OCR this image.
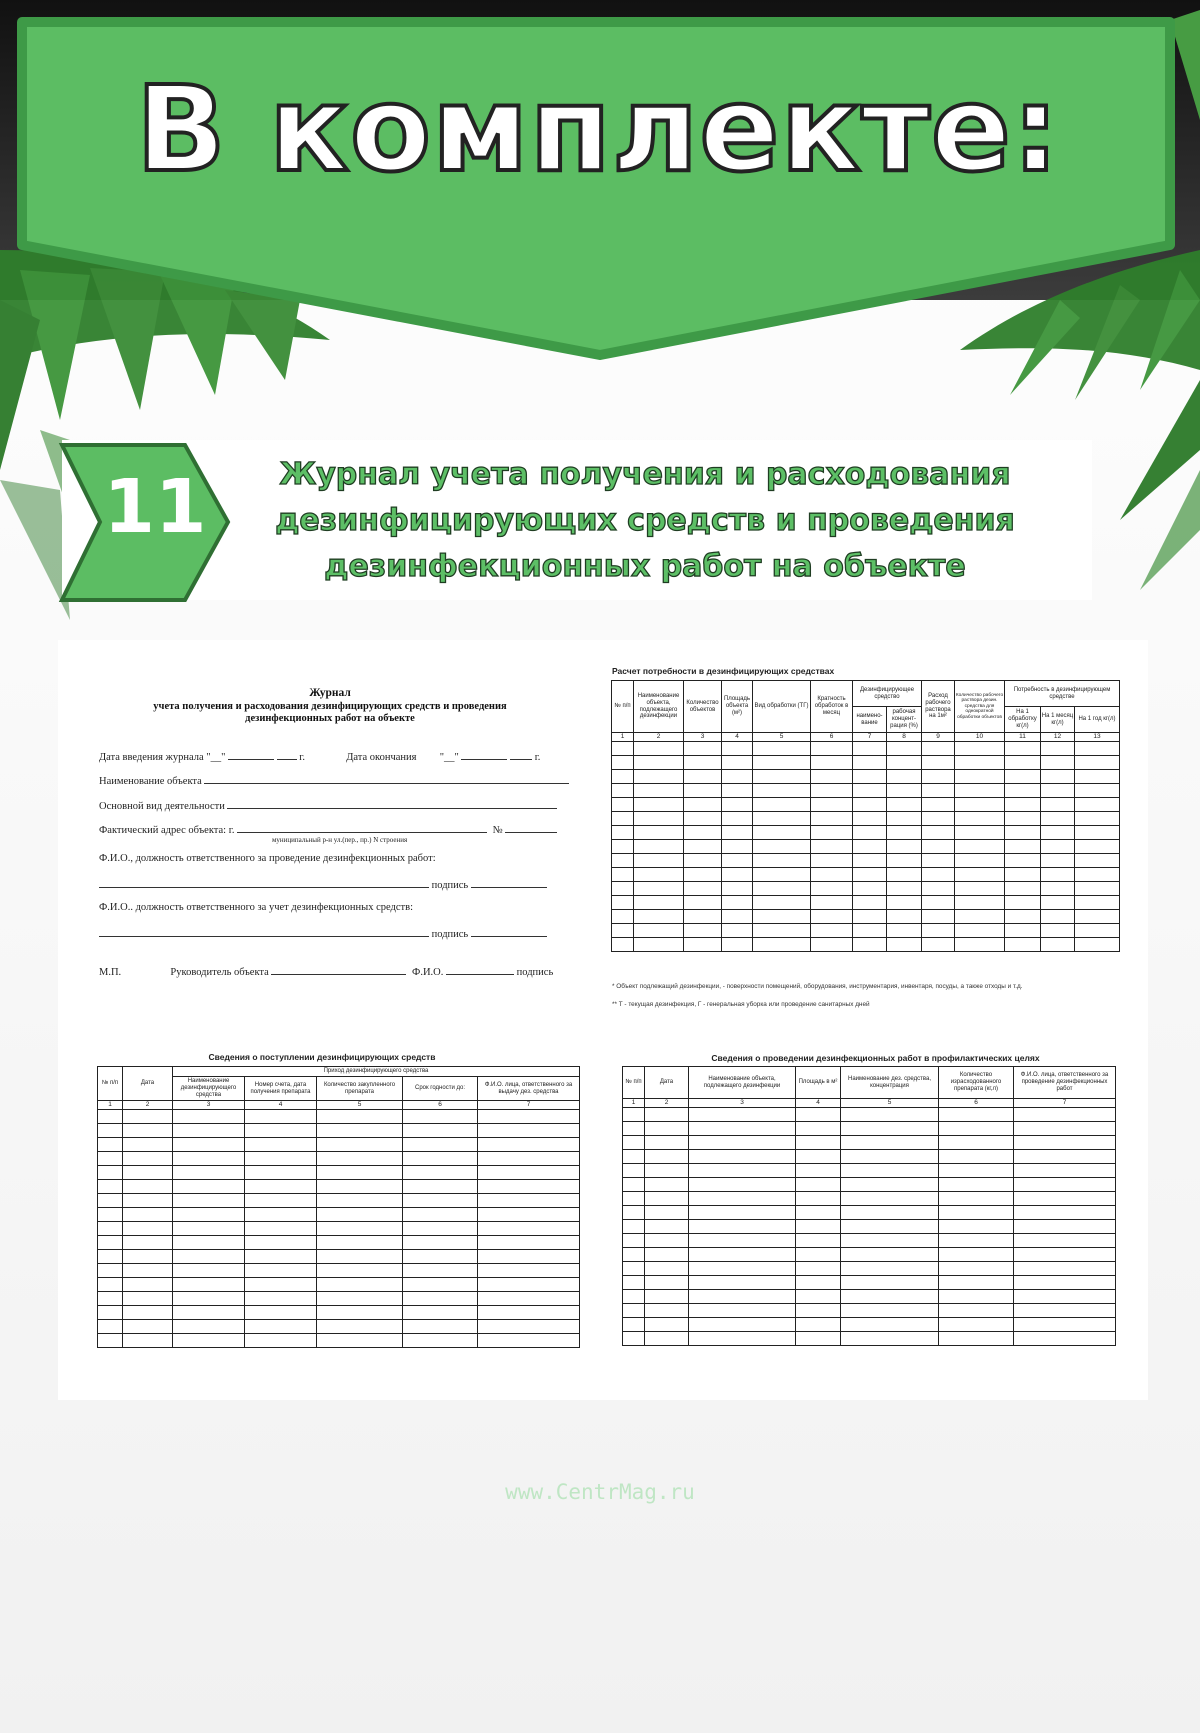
В комплекте:
11	Журнал учета получения и расходования
дезинфицирующих средств и проведения
дезинфекционных работ на объекте
Журнал
учета получения и расходования дезинфицирующих средств и проведения
дезинфекционных работ на объекте
Дата введения журнала "__"	г.	Дата окончания "__"	г.
Наименование объекта
Основной вид деятельности
Фактический адрес объекта: г.	№
муниципальный р-н ул.(пер., пр.) N строения
Ф.И.О., должность ответственного за проведение дезинфекционных работ:
подпись
Ф.И.О.. должность ответственного за учет дезинфекционных средств:
подпись
М.П.	Руководитель объекта	Ф.И.О.	подпись
Расчет потребности в дезинфицирующих средствах
№ п/п	Наименование объекта, подлежащего дезинфекции	Количество объектов	Площадь объекта (м²)	Вид обработки (ТГ)	Кратность обработок в месяц	Дезинфицирующее средство		Расход рабочего раствора на 1м²	Количество рабочего раствора дезин. средства для однократной обработки объектов	Потребность в дезинфицирующем средстве		
						наимено-вание	рабочая концент-рация (%)			На 1 обработку кг(л)	На 1 месяц кг(л)	На 1 год кг(л)
1	2	3	4	5	6	7	8	9	10	11	12	13

* Объект подлежащий дезинфекции, - поверхности помещений, оборудования, инструментария, инвентаря, посуды, а также отходы и т.д.
** Т - текущая дезинфекция, Г - генеральная уборка или проведение санитарных дней
Сведения о поступлении дезинфицирующих средств
№ п/п	Дата	Приход дезинфицирующего средства				
		Наименование дезинфицирующего средства	Номер счета, дата получения препарата	Количество закупленного препарата	Срок годности до:	Ф.И.О. лица, ответственного за выдачу дез. средства
1	2	3	4	5	6	7

Сведения о проведении дезинфекционных работ в профилактических целях
№ п/п	Дата	Наименование объекта, подлежащего дезинфекции	Площадь в м²	Наименование дез. средства, концентрация	Количество израсходованного препарата (кг,л)	Ф.И.О. лица, ответственного за проведение дезинфекционных работ
1	2	3	4	5	6	7

www.CentrMag.ru
